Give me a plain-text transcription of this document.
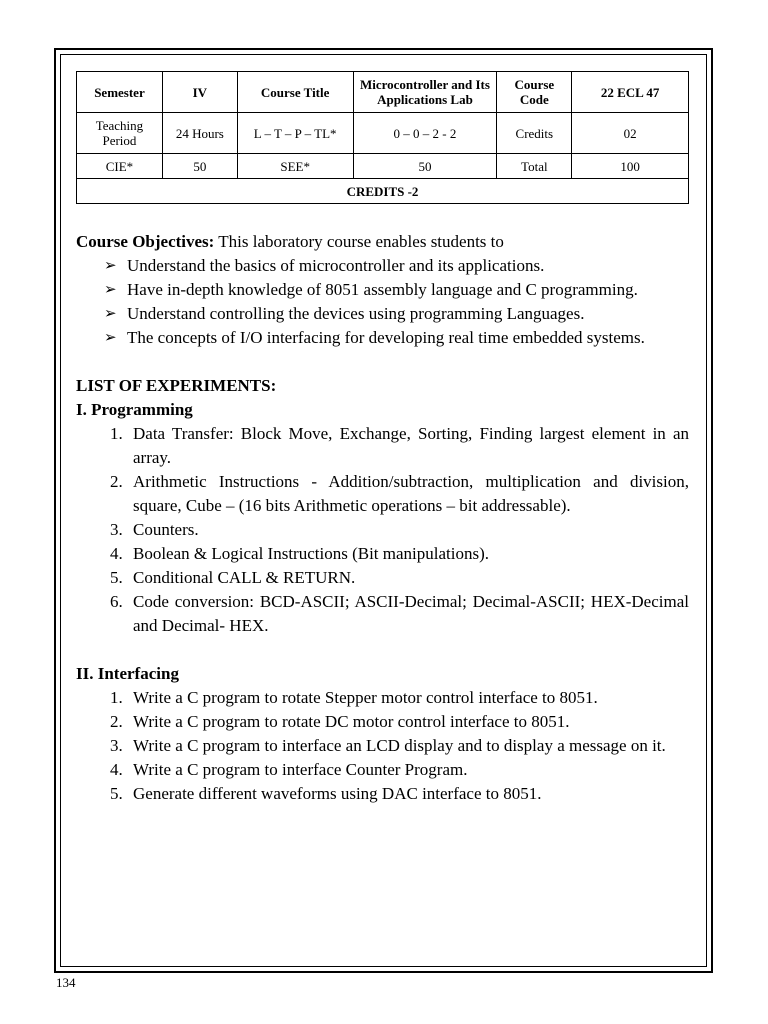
Semester	IV	Course Title	Microcontroller and Its Applications Lab	Course Code	22 ECL 47
Teaching Period	24 Hours	L – T – P – TL*	0 – 0 – 2 - 2	Credits	02
CIE*	50	SEE*	50	Total	100
CREDITS -2					

Course Objectives: This laboratory course enables students to

➢ Understand the basics of microcontroller and its applications.
➢ Have in-depth knowledge of 8051 assembly language and C programming.
➢ Understand controlling the devices using programming Languages.
➢ The concepts of I/O interfacing for developing real time embedded systems.
LIST OF EXPERIMENTS:

I. Programming

1. Data Transfer: Block Move, Exchange, Sorting, Finding largest element in an array.
2. Arithmetic Instructions - Addition/subtraction, multiplication and division, square, Cube – (16 bits Arithmetic operations – bit addressable).
3. Counters.
4. Boolean & Logical Instructions (Bit manipulations).
5. Conditional CALL & RETURN.
6. Code conversion: BCD-ASCII; ASCII-Decimal; Decimal-ASCII; HEX-Decimal and Decimal- HEX.

II. Interfacing

1. Write a C program to rotate Stepper motor control interface to 8051.
2. Write a C program to rotate DC motor control interface to 8051.
3. Write a C program to interface an LCD display and to display a message on it.
4. Write a C program to interface Counter Program.
5. Generate different waveforms using DAC interface to 8051.
134
